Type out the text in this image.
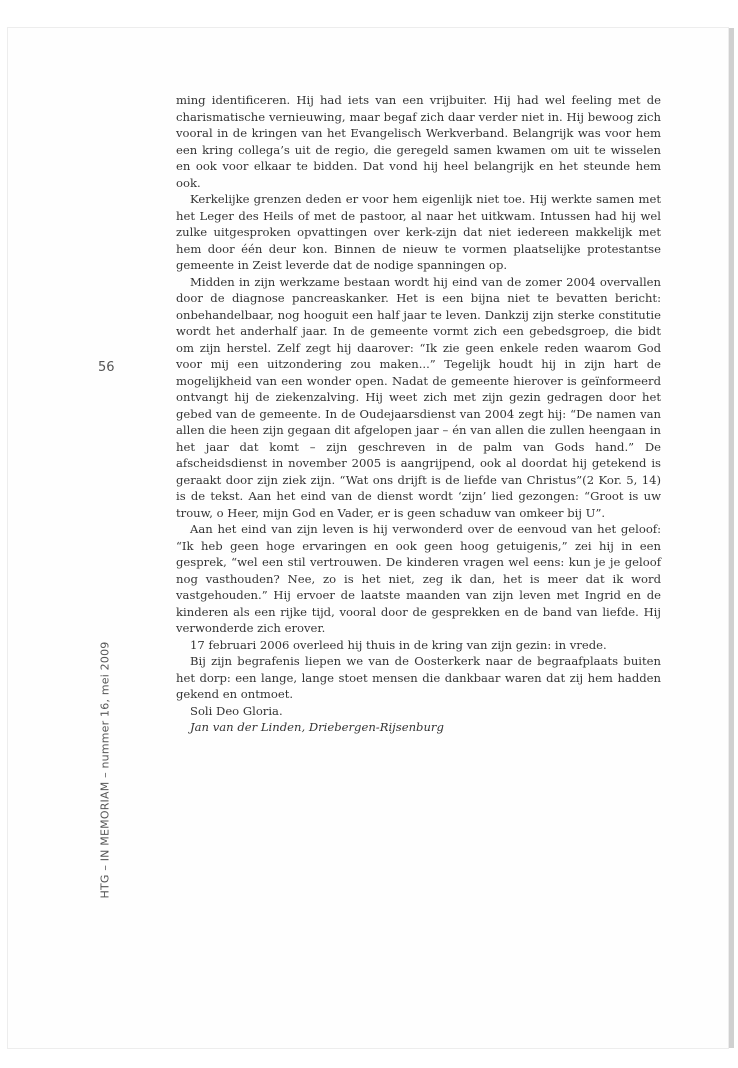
56
HTG – IN MEMORIAM – nummer 16, mei 2009

ming identificeren. Hij had iets van een vrijbuiter. Hij had wel feeling met de charismatische vernieuwing, maar begaf zich daar verder niet in. Hij bewoog zich vooral in de kringen van het Evangelisch Werkverband. Belangrijk was voor hem een kring collega’s uit de regio, die geregeld samen kwamen om uit te wisselen en ook voor elkaar te bidden. Dat vond hij heel belangrijk en het steunde hem ook.

Kerkelijke grenzen deden er voor hem eigenlijk niet toe. Hij werkte samen met het Leger des Heils of met de pastoor, al naar het uitkwam. Intussen had hij wel zulke uitgesproken opvattingen over kerk-zijn dat niet iedereen makkelijk met hem door één deur kon. Binnen de nieuw te vormen plaatselijke protestantse gemeente in Zeist leverde dat de nodige spanningen op.

Midden in zijn werkzame bestaan wordt hij eind van de zomer 2004 overvallen door de diagnose pancreaskanker. Het is een bijna niet te bevatten bericht: onbehandelbaar, nog hooguit een half jaar te leven. Dankzij zijn sterke constitutie wordt het anderhalf jaar. In de gemeente vormt zich een gebedsgroep, die bidt om zijn herstel. Zelf zegt hij daarover: “Ik zie geen enkele reden waarom God voor mij een uitzondering zou maken...” Tegelijk houdt hij in zijn hart de mogelijkheid van een wonder open. Nadat de gemeente hierover is geïnformeerd ontvangt hij de ziekenzalving. Hij weet zich met zijn gezin gedragen door het gebed van de gemeente. In de Oudejaarsdienst van 2004 zegt hij: “De namen van allen die heen zijn gegaan dit afgelopen jaar – én van allen die zullen heengaan in het jaar dat komt – zijn geschreven in de palm van Gods hand.” De afscheidsdienst in november 2005 is aangrijpend, ook al doordat hij getekend is geraakt door zijn ziek zijn. “Wat ons drijft is de liefde van Christus”(2 Kor. 5, 14) is de tekst. Aan het eind van de dienst wordt ‘zijn’ lied gezongen: “Groot is uw trouw, o Heer, mijn God en Vader, er is geen schaduw van omkeer bij U”.

Aan het eind van zijn leven is hij verwonderd over de eenvoud van het geloof: “Ik heb geen hoge ervaringen en ook geen hoog getuigenis,” zei hij in een gesprek, “wel een stil vertrouwen. De kinderen vragen wel eens: kun je je geloof nog vasthouden? Nee, zo is het niet, zeg ik dan, het is meer dat ik word vastgehouden.” Hij ervoer de laatste maanden van zijn leven met Ingrid en de kinderen als een rijke tijd, vooral door de gesprekken en de band van liefde. Hij verwonderde zich erover.

17 februari 2006 overleed hij thuis in de kring van zijn gezin: in vrede.

Bij zijn begrafenis liepen we van de Oosterkerk naar de begraafplaats buiten het dorp: een lange, lange stoet mensen die dankbaar waren dat zij hem hadden gekend en ontmoet.

Soli Deo Gloria.

Jan van der Linden, Driebergen-Rijsenburg
